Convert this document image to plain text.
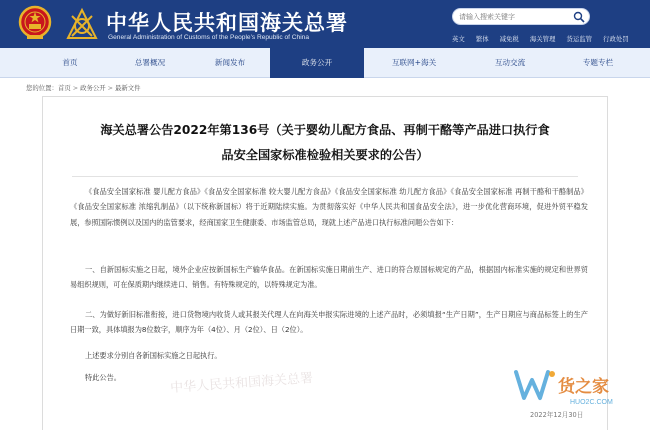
中华人民共和国海关总署
General Administration of Customs of the People's Republic of China
请输入搜索关键字	英文 繁体 减免税 海关管理 货运监管 行政处罚
首页	总署概况	新闻发布	政务公开	互联网+海关	互动交流	专题专栏
您的位置：首页 > 政务公开 > 最新文件
海关总署公告2022年第136号（关于婴幼儿配方食品、再制干酪等产品进口执行食
品安全国家标准检验相关要求的公告）
《食品安全国家标准 婴儿配方食品》《食品安全国家标准 较大婴儿配方食品》《食品安全国家标准 幼儿配方食品》《食品安全国家标准 再制干酪和干酪制品》《食品安全国家标准 浓缩乳制品》（以下统称新国标）将于近期陆续实施。为贯彻落实好《中华人民共和国食品安全法》，进一步优化营商环境，促进外贸平稳发展，参照国际惯例以及国内的监管要求，经商国家卫生健康委、市场监管总局，现就上述产品进口执行标准问题公告如下：
一、自新国标实施之日起，境外企业应按新国标生产输华食品。在新国标实施日期前生产、进口的符合原国标规定的产品，根据国内标准实施的规定和世界贸易组织规则，可在保质期内继续进口、销售。有特殊规定的，以特殊规定为准。
二、为做好新旧标准衔接，进口货物境内收货人或其报关代理人在向海关申报实际进境的上述产品时，必须填报“生产日期”，生产日期应与商品标签上的生产日期一致，具体填报为8位数字，顺序为年（4位）、月（2位）、日（2位）。
上述要求分别自各新国标实施之日起执行。
特此公告。	中华人民共和国海关总署	货之家
HUO2C.COM
2022年12月30日
